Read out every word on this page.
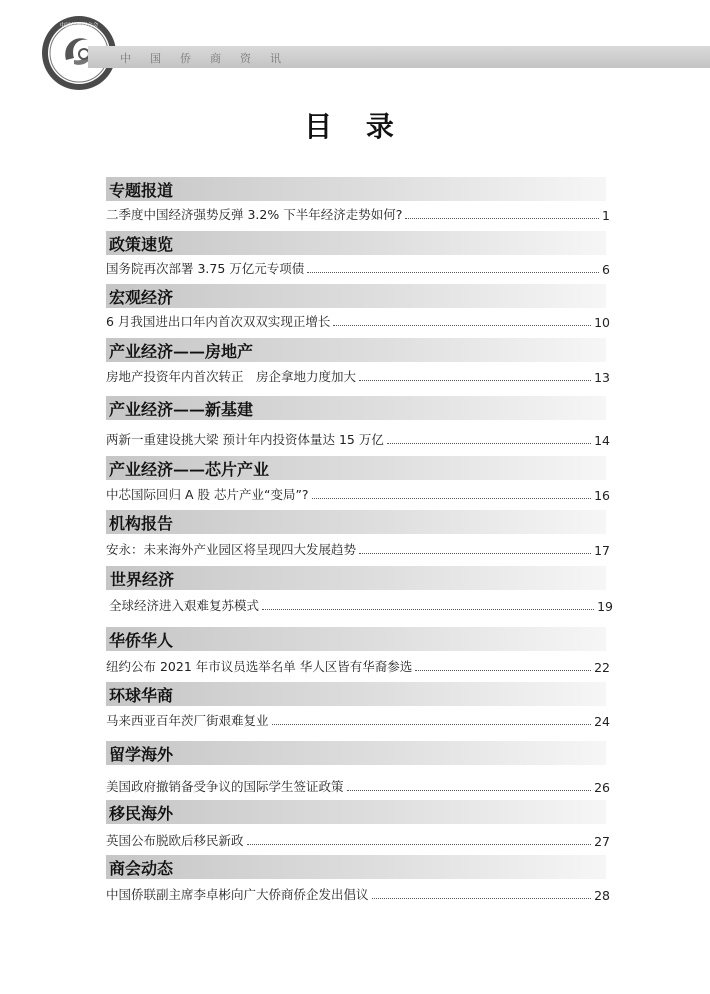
中国侨商联合会
中国侨商资讯
目 录
专题报道
二季度中国经济强势反弹 3.2% 下半年经济走势如何?	1
政策速览
国务院再次部署 3.75 万亿元专项债	6
宏观经济
6 月我国进出口年内首次双双实现正增长	10
产业经济——房地产
房地产投资年内首次转正　房企拿地力度加大	13
产业经济——新基建
两新一重建设挑大梁 预计年内投资体量达 15 万亿	14
产业经济——芯片产业
中芯国际回归 A 股 芯片产业“变局”?	16
机构报告
安永：未来海外产业园区将呈现四大发展趋势	17
世界经济
全球经济进入艰难复苏模式	19
华侨华人
纽约公布 2021 年市议员选举名单 华人区皆有华裔参选	22
环球华商
马来西亚百年茨厂街艰难复业	24
留学海外
美国政府撤销备受争议的国际学生签证政策	26
移民海外
英国公布脱欧后移民新政	27
商会动态
中国侨联副主席李卓彬向广大侨商侨企发出倡议	28
